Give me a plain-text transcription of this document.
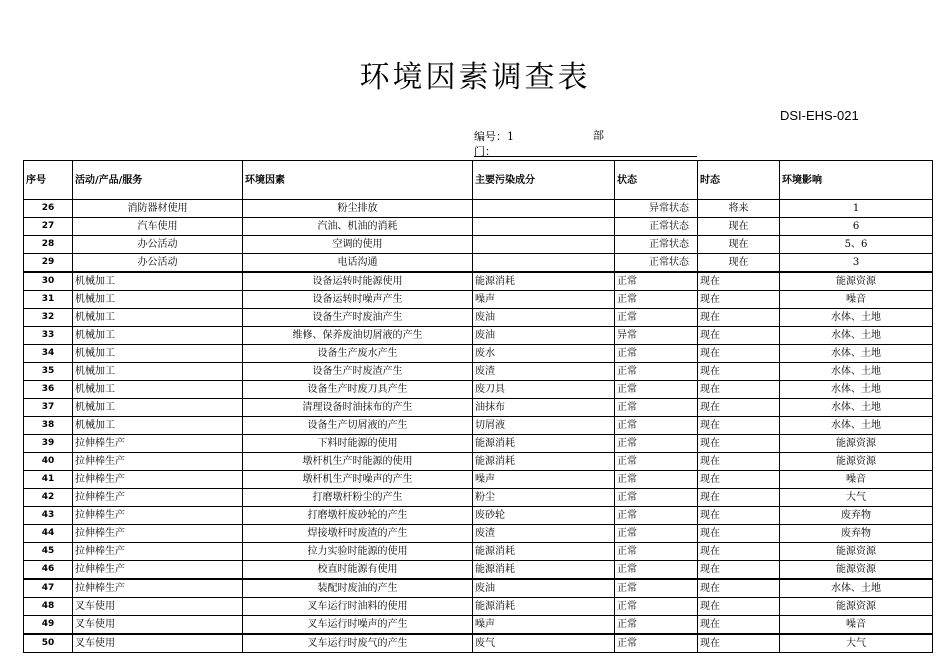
环境因素调查表
DSI-EHS-021
编号：1	部
门：
序号	活动/产品/服务	环境因素	主要污染成分	状态	时态	环境影响
26	消防器材使用	粉尘排放		异常状态	将来	1
27	汽车使用	汽油、机油的消耗		正常状态	现在	6
28	办公活动	空调的使用		正常状态	现在	5、6
29	办公活动	电话沟通		正常状态	现在	3
30	机械加工	设备运转时能源使用	能源消耗	正常	现在	能源资源
31	机械加工	设备运转时噪声产生	噪声	正常	现在	噪音
32	机械加工	设备生产时废油产生	废油	正常	现在	水体、土地
33	机械加工	维修、保养废油切屑液的产生	废油	异常	现在	水体、土地
34	机械加工	设备生产废水产生	废水	正常	现在	水体、土地
35	机械加工	设备生产时废渣产生	废渣	正常	现在	水体、土地
36	机械加工	设备生产时废刀具产生	废刀具	正常	现在	水体、土地
37	机械加工	清理设备时油抹布的产生	油抹布	正常	现在	水体、土地
38	机械加工	设备生产切屑液的产生	切屑液	正常	现在	水体、土地
39	拉伸棒生产	下料时能源的使用	能源消耗	正常	现在	能源资源
40	拉伸棒生产	墩杆机生产时能源的使用	能源消耗	正常	现在	能源资源
41	拉伸棒生产	墩杆机生产时噪声的产生	噪声	正常	现在	噪音
42	拉伸棒生产	打磨墩杆粉尘的产生	粉尘	正常	现在	大气
43	拉伸棒生产	打磨墩杆废砂轮的产生	废砂轮	正常	现在	废弃物
44	拉伸棒生产	焊接墩杆时废渣的产生	废渣	正常	现在	废弃物
45	拉伸棒生产	拉力实验时能源的使用	能源消耗	正常	现在	能源资源
46	拉伸棒生产	校直时能源有使用	能源消耗	正常	现在	能源资源
47	拉伸棒生产	装配时废油的产生	废油	正常	现在	水体、土地
48	叉车使用	叉车运行时油料的使用	能源消耗	正常	现在	能源资源
49	叉车使用	叉车运行时噪声的产生	噪声	正常	现在	噪音
50	叉车使用	叉车运行时废气的产生	废气	正常	现在	大气
